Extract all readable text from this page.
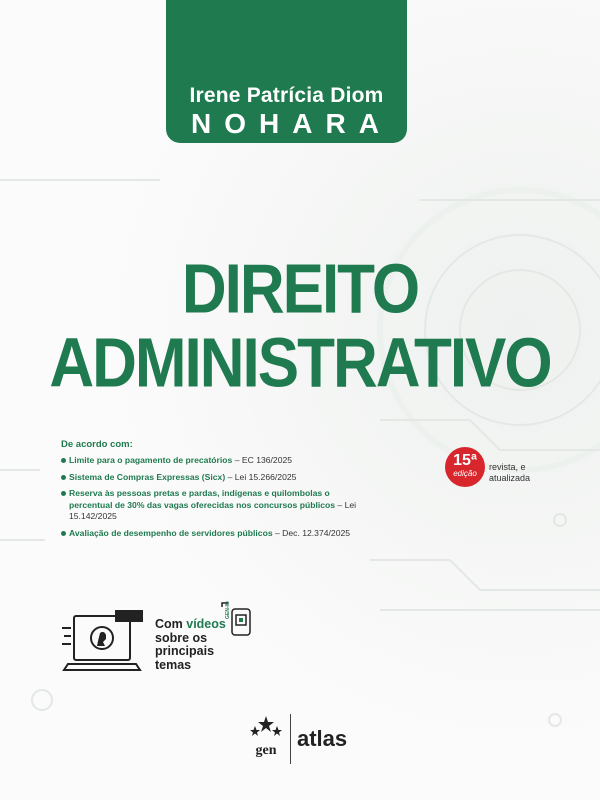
Irene Patrícia Diom
NOHARA
DIREITO
ADMINISTRATIVO
De acordo com:
Limite para o pagamento de precatórios – EC 136/2025
Sistema de Compras Expressas (Sicx) – Lei 15.266/2025
Reserva às pessoas pretas e pardas, indígenas e quilombolas o percentual de 30% das vagas oferecidas nos concursos públicos – Lei 15.142/2025
Avaliação de desempenho de servidores públicos – Dec. 12.374/2025
15ª
edição
revista, e
atualizada
GEN-IO
Com vídeos
sobre os
principais
temas
gen atlas
